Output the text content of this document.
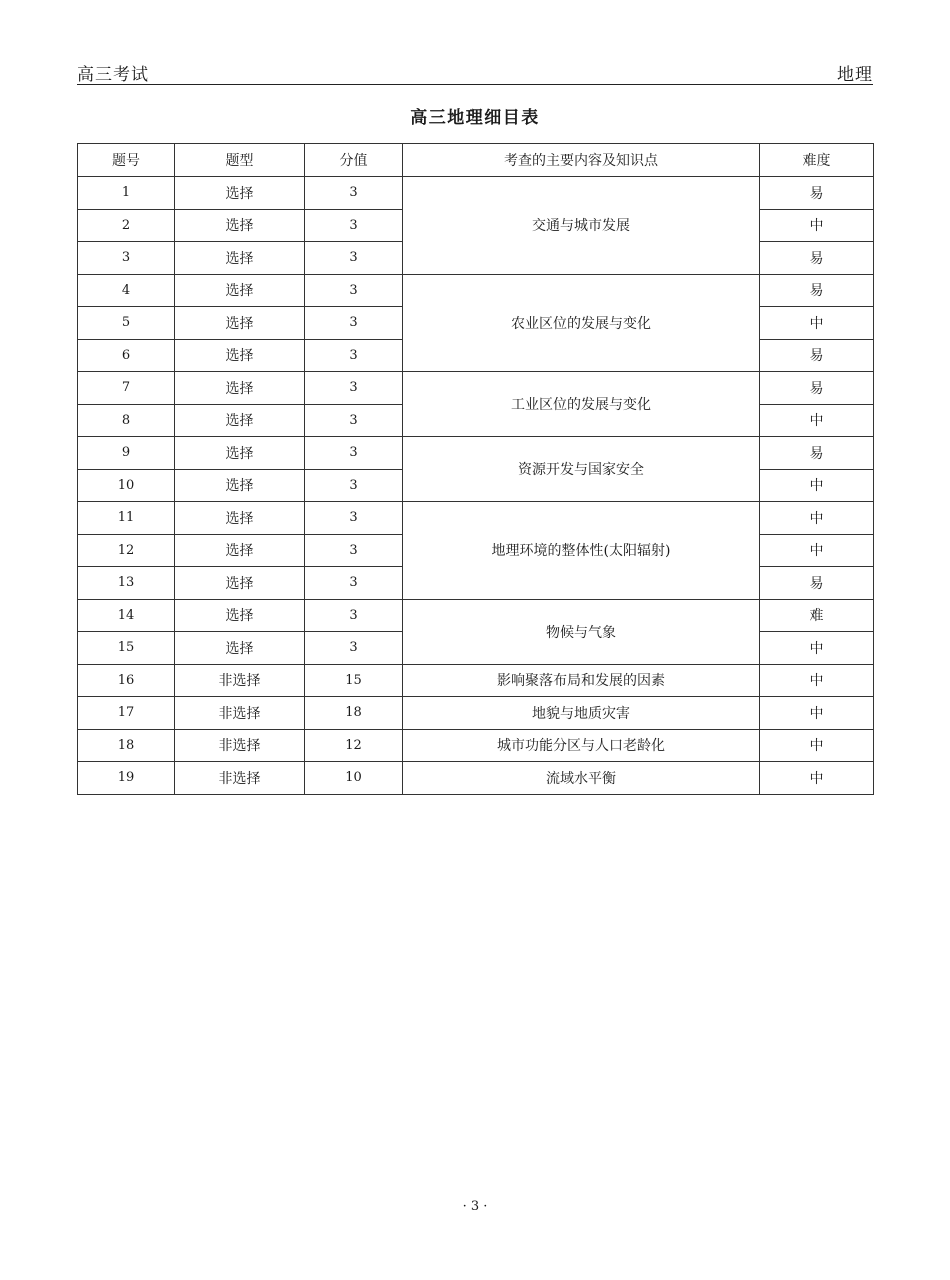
高三考试	地理
高三地理细目表
题号	题型	分值	考查的主要内容及知识点	难度
1	选择	3	交通与城市发展	易
2	选择	3		中
3	选择	3		易
4	选择	3	农业区位的发展与变化	易
5	选择	3		中
6	选择	3		易
7	选择	3	工业区位的发展与变化	易
8	选择	3		中
9	选择	3	资源开发与国家安全	易
10	选择	3		中
11	选择	3	地理环境的整体性(太阳辐射)	中
12	选择	3		中
13	选择	3		易
14	选择	3	物候与气象	难
15	选择	3		中
16	非选择	15	影响聚落布局和发展的因素	中
17	非选择	18	地貌与地质灾害	中
18	非选择	12	城市功能分区与人口老龄化	中
19	非选择	10	流域水平衡	中
· 3 ·
